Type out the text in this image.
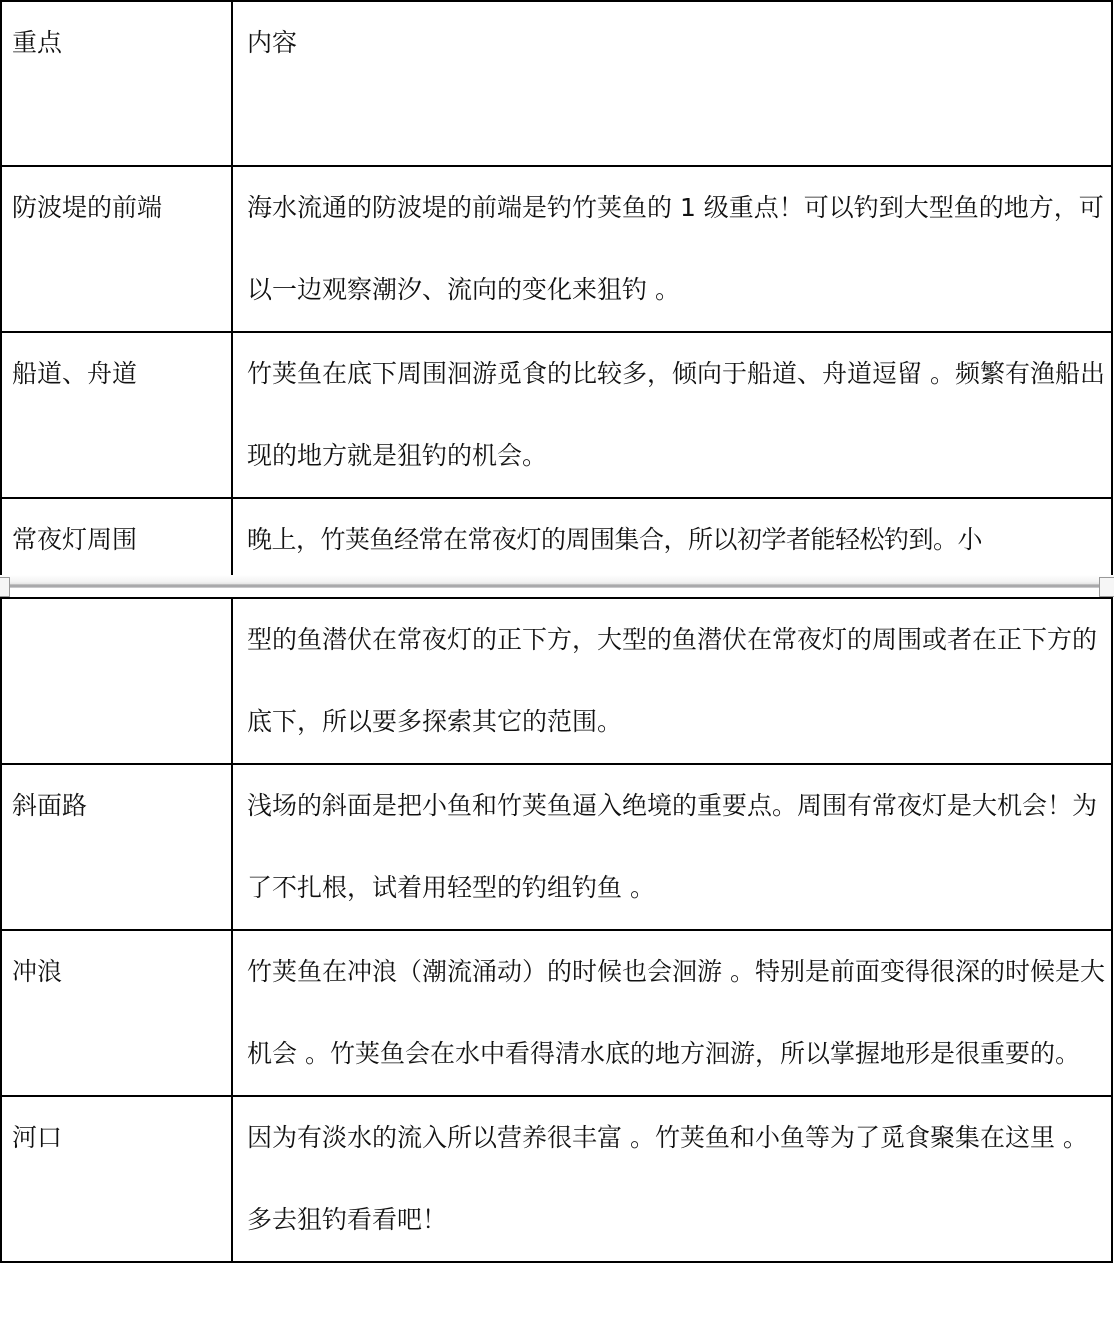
重点	内容
防波堤的前端	海水流通的防波堤的前端是钓竹荚鱼的 1 级重点！可以钓到大型鱼的地方，可以一边观察潮汐、流向的变化来狙钓 。
船道、舟道	竹荚鱼在底下周围洄游觅食的比较多，倾向于船道、舟道逗留 。频繁有渔船出现的地方就是狙钓的机会。
常夜灯周围	晚上，竹荚鱼经常在常夜灯的周围集合，所以初学者能轻松钓到。小
	型的鱼潜伏在常夜灯的正下方，大型的鱼潜伏在常夜灯的周围或者在正下方的底下，所以要多探索其它的范围。
斜面路	浅场的斜面是把小鱼和竹荚鱼逼入绝境的重要点。周围有常夜灯是大机会！为了不扎根，试着用轻型的钓组钓鱼 。
冲浪	竹荚鱼在冲浪（潮流涌动）的时候也会洄游 。特别是前面变得很深的时候是大机会 。竹荚鱼会在水中看得清水底的地方洄游，所以掌握地形是很重要的。
河口	因为有淡水的流入所以营养很丰富 。竹荚鱼和小鱼等为了觅食聚集在这里 。多去狙钓看看吧！
